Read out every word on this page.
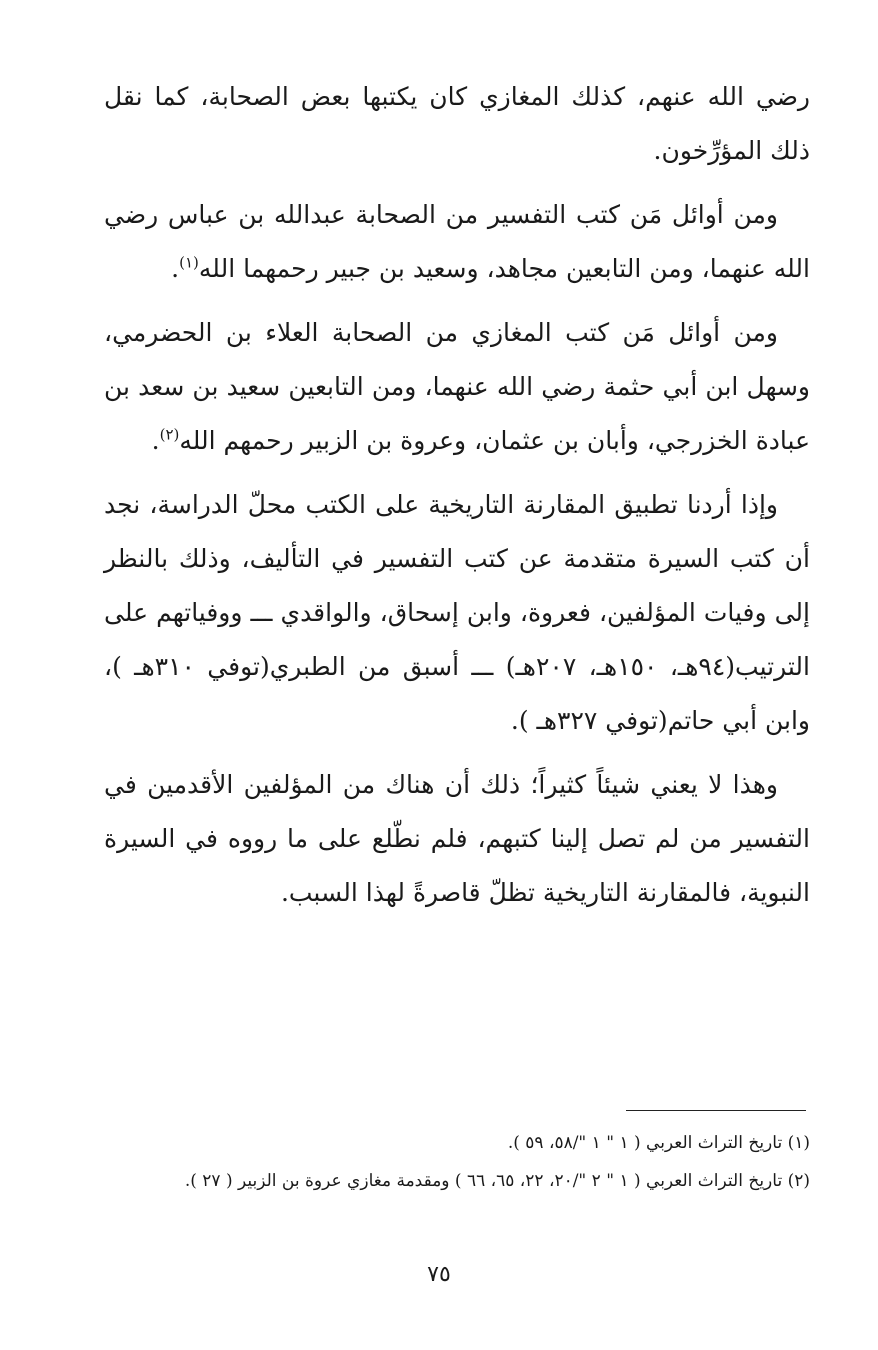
رضي الله عنهم، كذلك المغازي كان يكتبها بعض الصحابة، كما نقل ذلك المؤرِّخون.

ومن أوائل مَن كتب التفسير من الصحابة عبدالله بن عباس رضي الله عنهما، ومن التابعين مجاهد، وسعيد بن جبير رحمهما الله$^{(١)}$.

ومن أوائل مَن كتب المغازي من الصحابة العلاء بن الحضرمي، وسهل ابن أبي حثمة رضي الله عنهما، ومن التابعين سعيد بن سعد بن عبادة الخزرجي، وأبان بن عثمان، وعروة بن الزبير رحمهم الله$^{(٢)}$.

وإذا أردنا تطبيق المقارنة التاريخية على الكتب محلّ الدراسة، نجد أن كتب السيرة متقدمة عن كتب التفسير في التأليف، وذلك بالنظر إلى وفيات المؤلفين، فعروة، وابن إسحاق، والواقدي ـــ ووفياتهم على الترتيب(٩٤هـ، ١٥٠هـ، ٢٠٧هـ) ـــ أسبق من الطبري(توفي ٣١٠هـ )، وابن أبي حاتم(توفي ٣٢٧هـ ).

وهذا لا يعني شيئاً كثيراً؛ ذلك أن هناك من المؤلفين الأقدمين في التفسير من لم تصل إلينا كتبهم، فلم نطّلع على ما رووه في السيرة النبوية، فالمقارنة التاريخية تظلّ قاصرةً لهذا السبب.

(١) تاريخ التراث العربي ( ١ " ١ "/٥٨، ٥٩ ).

(٢) تاريخ التراث العربي ( ١ " ٢ "/٢٠، ٢٢، ٦٥، ٦٦ ) ومقدمة مغازي عروة بن الزبير ( ٢٧ ).

٧٥
